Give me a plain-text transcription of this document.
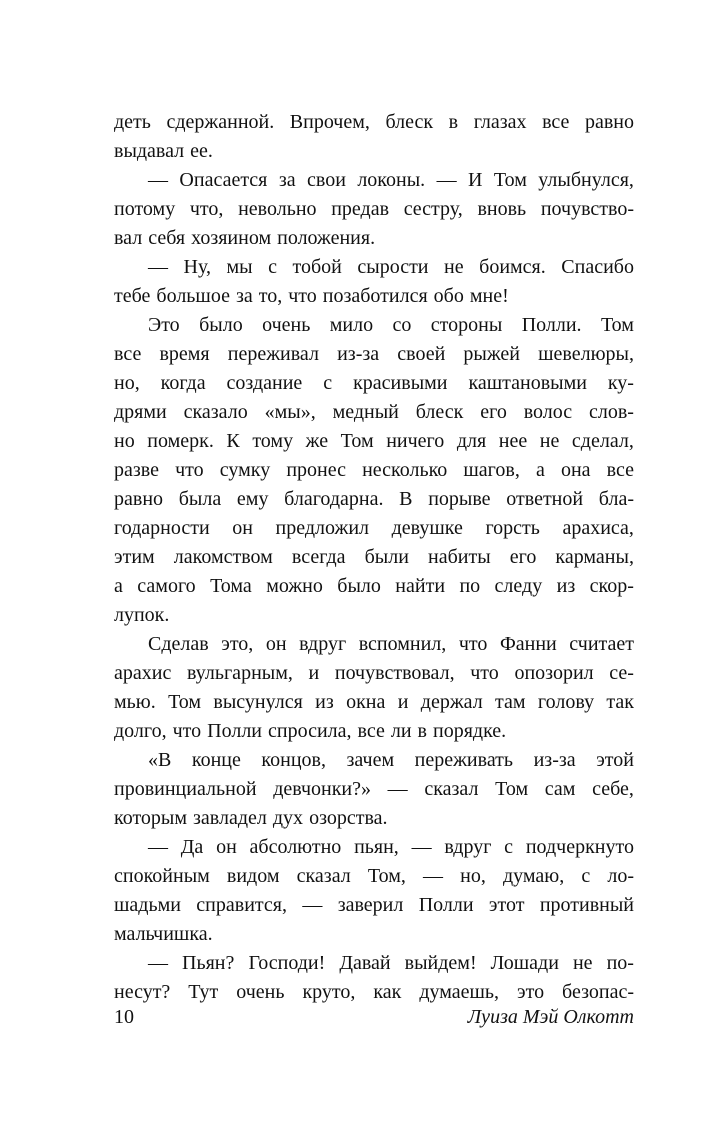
деть сдержанной. Впрочем, блеск в глазах все равно
выдавал ее.
— Опасается за свои локоны. — И Том улыбнулся,
потому что, невольно предав сестру, вновь почувство-
вал себя хозяином положения.
— Ну, мы с тобой сырости не боимся. Спасибо
тебе большое за то, что позаботился обо мне!
Это было очень мило со стороны Полли. Том
все время переживал из-за своей рыжей шевелюры,
но, когда создание с красивыми каштановыми ку-
дрями сказало «мы», медный блеск его волос слов-
но померк. К тому же Том ничего для нее не сделал,
разве что сумку пронес несколько шагов, а она все
равно была ему благодарна. В порыве ответной бла-
годарности он предложил девушке горсть арахиса,
этим лакомством всегда были набиты его карманы,
а самого Тома можно было найти по следу из скор-
лупок.
Сделав это, он вдруг вспомнил, что Фанни считает
арахис вульгарным, и почувствовал, что опозорил се-
мью. Том высунулся из окна и держал там голову так
долго, что Полли спросила, все ли в порядке.
«В конце концов, зачем переживать из-за этой
провинциальной девчонки?» — сказал Том сам себе,
которым завладел дух озорства.
— Да он абсолютно пьян, — вдруг с подчеркнуто
спокойным видом сказал Том, — но, думаю, с ло-
шадьми справится, — заверил Полли этот противный
мальчишка.
— Пьян? Господи! Давай выйдем! Лошади не по-
несут? Тут очень круто, как думаешь, это безопас-
10	Луиза Мэй Олкотт
